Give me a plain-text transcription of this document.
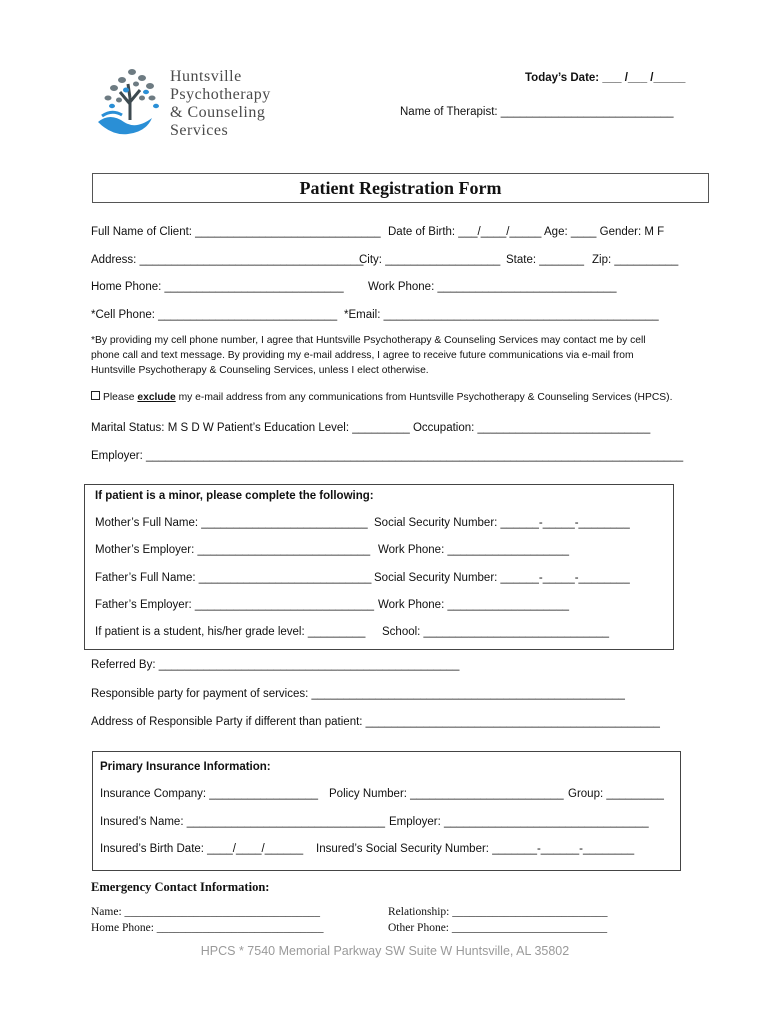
Huntsville
Psychotherapy
& Counseling
Services
Today’s Date: ___ /___ /_____
Name of Therapist: ___________________________
Patient Registration Form
Full Name of Client: _____________________________ Date of Birth: ___/____/_____ Age: ____ Gender: M F
Address: ___________________________________
City: __________________ State: _______ Zip: __________
Home Phone: ____________________________ Work Phone: ____________________________
*Cell Phone: ____________________________ *Email: ___________________________________________
*By providing my cell phone number, I agree that Huntsville Psychotherapy & Counseling Services may contact me by cell
phone call and text message. By providing my e-mail address, I agree to receive future communications via e-mail from
Huntsville Psychotherapy & Counseling Services, unless I elect otherwise.
Please exclude my e-mail address from any communications from Huntsville Psychotherapy & Counseling Services (HPCS).
Marital Status: M S D W Patient’s Education Level: _________ Occupation: ___________________________
Employer: ____________________________________________________________________________________
If patient is a minor, please complete the following:
Mother’s Full Name: __________________________ Social Security Number: ______-_____-________
Mother’s Employer: ___________________________ Work Phone: ___________________
Father’s Full Name: ___________________________ Social Security Number: ______-_____-________
Father’s Employer: ____________________________ Work Phone: ___________________
If patient is a student, his/her grade level: _________ School: _____________________________
Referred By: _______________________________________________
Responsible party for payment of services: _________________________________________________
Address of Responsible Party if different than patient: ______________________________________________
Primary Insurance Information:
Insurance Company: _________________ Policy Number: ________________________ Group: _________
Insured’s Name: _______________________________ Employer: ________________________________
Insured’s Birth Date: ____/____/______ Insured’s Social Security Number: _______-______-________
Emergency Contact Information:
Name: __________________________________	Relationship: ___________________________
Home Phone: _____________________________	Other Phone: ___________________________
HPCS * 7540 Memorial Parkway SW Suite W Huntsville, AL 35802
